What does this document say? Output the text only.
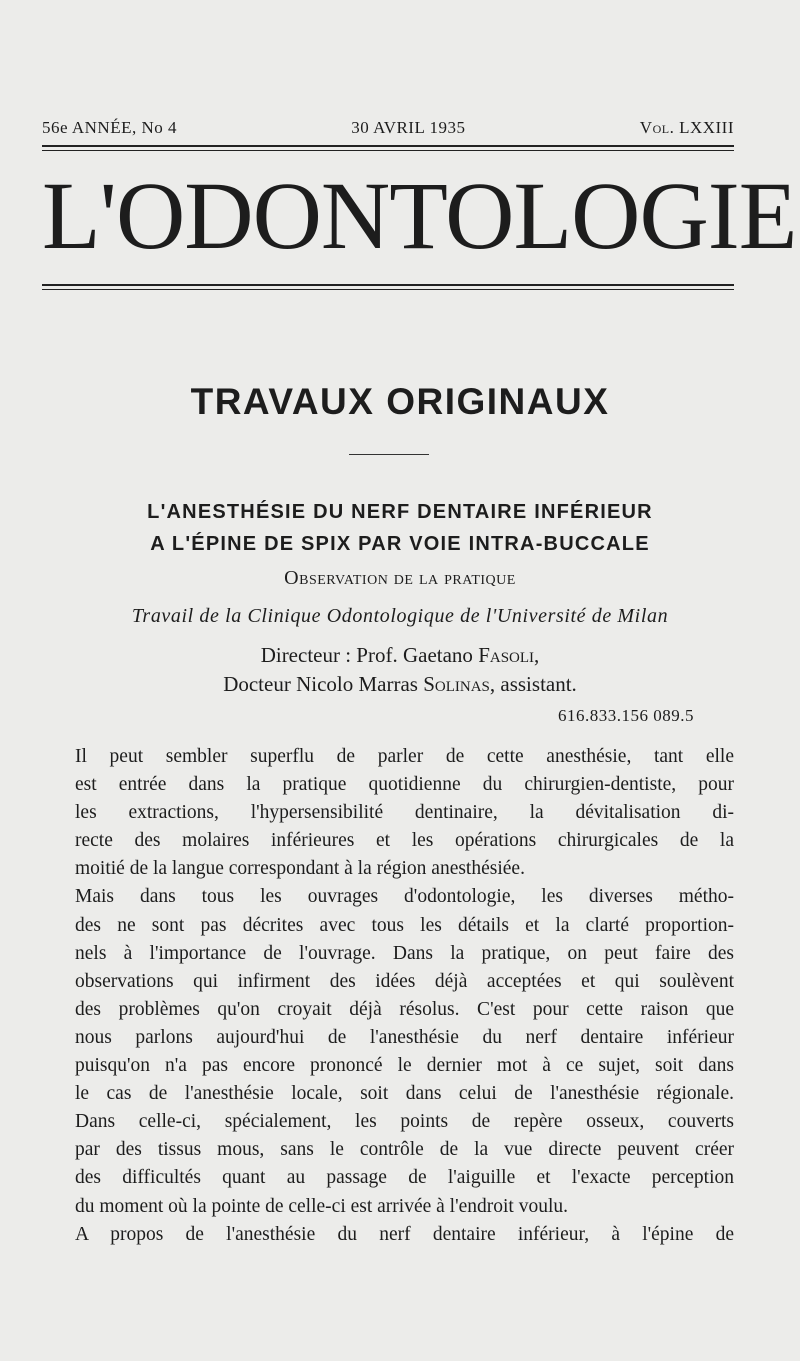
56e ANNÉE, No 4	30 AVRIL 1935	Vol. LXXIII
L'ODONTOLOGIE
TRAVAUX ORIGINAUX
L'ANESTHÉSIE DU NERF DENTAIRE INFÉRIEUR
A L'ÉPINE DE SPIX PAR VOIE INTRA-BUCCALE
Observation de la pratique
Travail de la Clinique Odontologique de l'Université de Milan
Directeur : Prof. Gaetano Fasoli,
Docteur Nicolo Marras Solinas, assistant.
616.833.156 089.5

Il peut sembler superflu de parler de cette anesthésie, tant elle
est entrée dans la pratique quotidienne du chirurgien-dentiste, pour
les extractions, l'hypersensibilité dentinaire, la dévitalisation di-
recte des molaires inférieures et les opérations chirurgicales de la
moitié de la langue correspondant à la région anesthésiée.

Mais dans tous les ouvrages d'odontologie, les diverses métho-
des ne sont pas décrites avec tous les détails et la clarté proportion-
nels à l'importance de l'ouvrage. Dans la pratique, on peut faire des
observations qui infirment des idées déjà acceptées et qui soulèvent
des problèmes qu'on croyait déjà résolus. C'est pour cette raison que
nous parlons aujourd'hui de l'anesthésie du nerf dentaire inférieur
puisqu'on n'a pas encore prononcé le dernier mot à ce sujet, soit dans
le cas de l'anesthésie locale, soit dans celui de l'anesthésie régionale.
Dans celle-ci, spécialement, les points de repère osseux, couverts
par des tissus mous, sans le contrôle de la vue directe peuvent créer
des difficultés quant au passage de l'aiguille et l'exacte perception
du moment où la pointe de celle-ci est arrivée à l'endroit voulu.

A propos de l'anesthésie du nerf dentaire inférieur, à l'épine de
